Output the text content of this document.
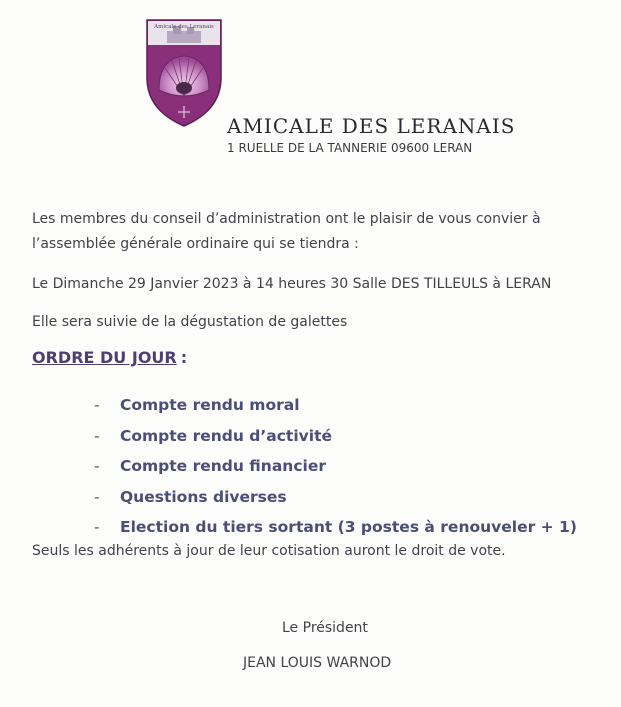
Amicale des Leranais
AMICALE DES LERANAIS
1 RUELLE DE LA TANNERIE 09600 LERAN
Les membres du conseil d’administration ont le plaisir de vous convier à
l’assemblée générale ordinaire qui se tiendra :
Le Dimanche 29 Janvier 2023 à 14 heures 30 Salle DES TILLEULS à LERAN
Elle sera suivie de la dégustation de galettes
ORDRE DU JOUR :
-	Compte rendu moral
-	Compte rendu d’activité
-	Compte rendu financier
-	Questions diverses
-	Election du tiers sortant (3 postes à renouveler + 1)
Seuls les adhérents à jour de leur cotisation auront le droit de vote.
Le Président
JEAN LOUIS WARNOD
